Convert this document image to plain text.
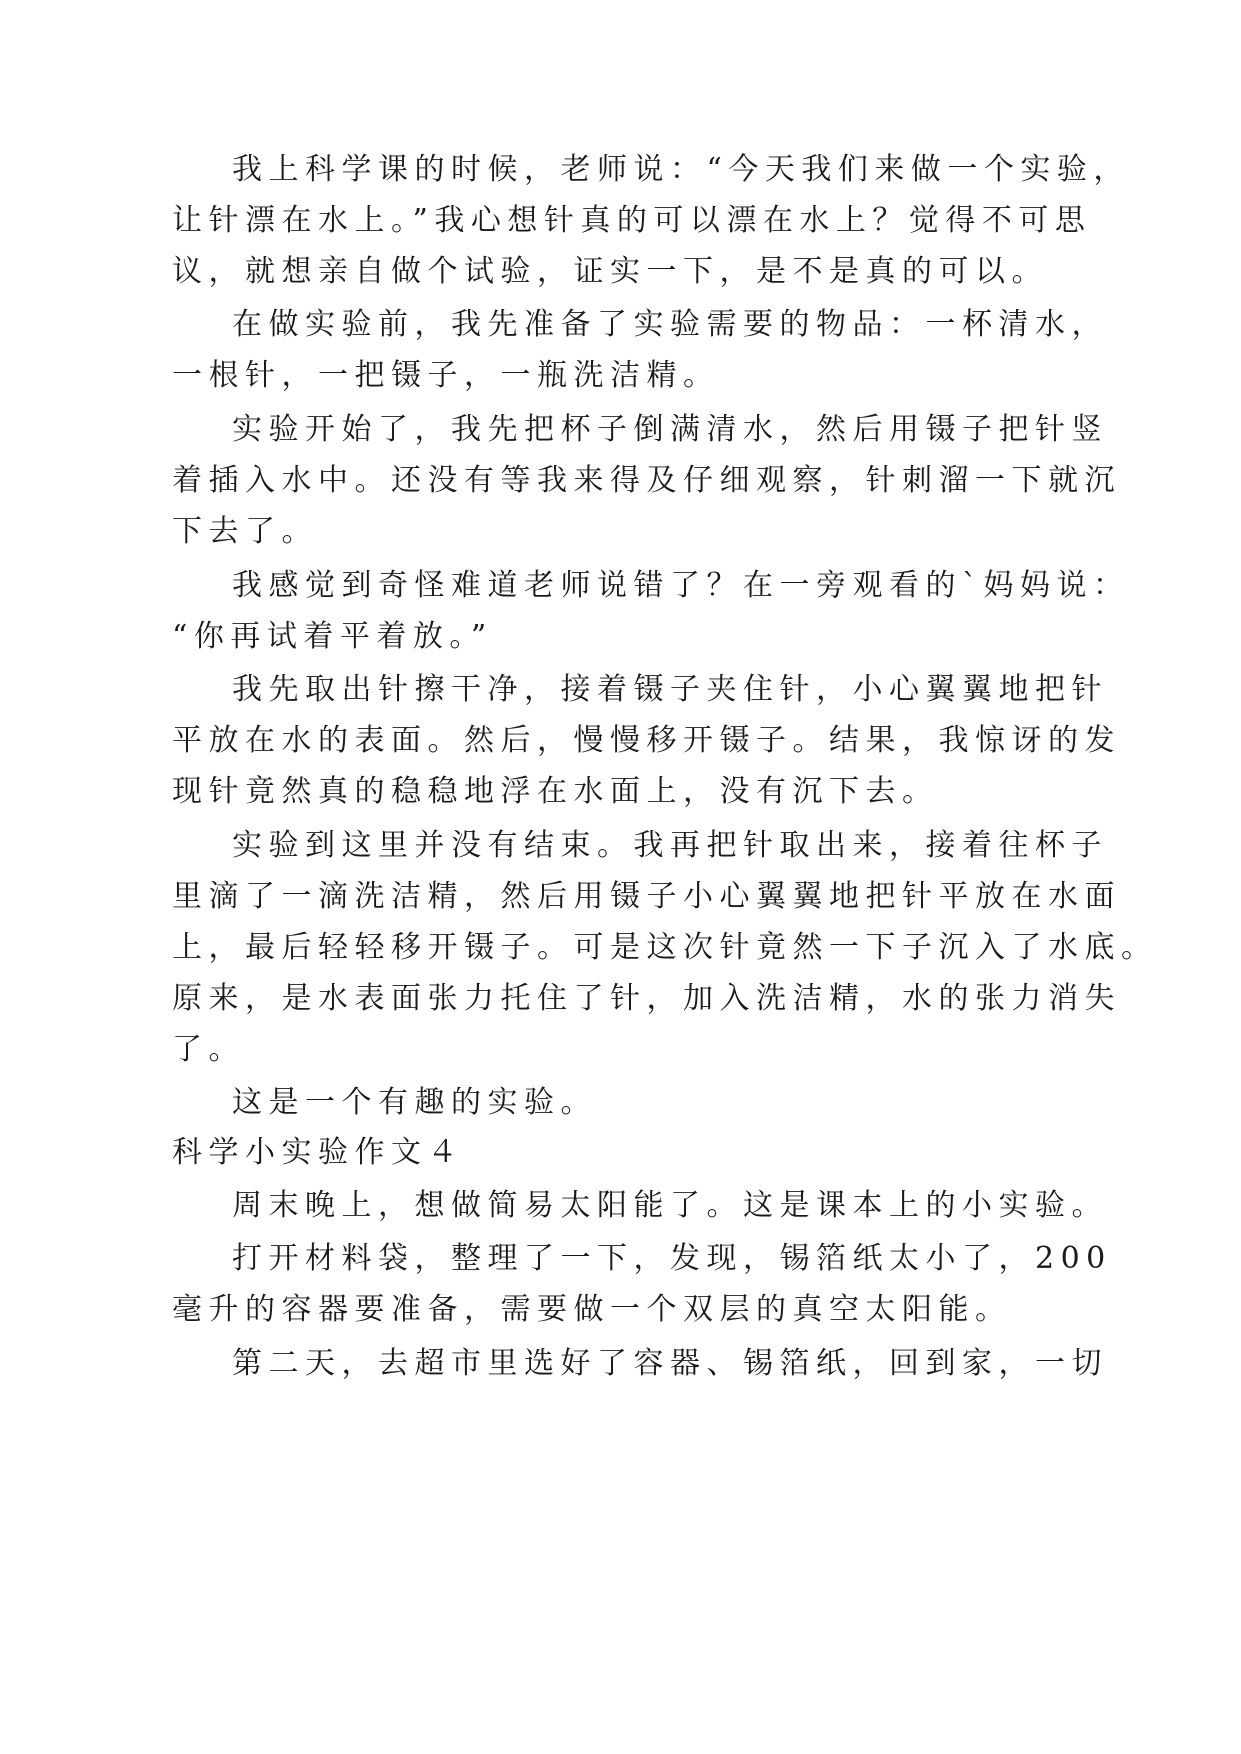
我上科学课的时候，老师说：“今天我们来做一个实验，
让针漂在水上。”我心想针真的可以漂在水上？觉得不可思
议，就想亲自做个试验，证实一下，是不是真的可以。
在做实验前，我先准备了实验需要的物品：一杯清水，
一根针，一把镊子，一瓶洗洁精。
实验开始了，我先把杯子倒满清水，然后用镊子把针竖
着插入水中。还没有等我来得及仔细观察，针刺溜一下就沉
下去了。
我感觉到奇怪难道老师说错了？在一旁观看的`妈妈说：
“你再试着平着放。”
我先取出针擦干净，接着镊子夹住针，小心翼翼地把针
平放在水的表面。然后，慢慢移开镊子。结果，我惊讶的发
现针竟然真的稳稳地浮在水面上，没有沉下去。
实验到这里并没有结束。我再把针取出来，接着往杯子
里滴了一滴洗洁精，然后用镊子小心翼翼地把针平放在水面
上，最后轻轻移开镊子。可是这次针竟然一下子沉入了水底。
原来，是水表面张力托住了针，加入洗洁精，水的张力消失
了。
这是一个有趣的实验。
科学小实验作文４
周末晚上，想做简易太阳能了。这是课本上的小实验。
打开材料袋，整理了一下，发现，锡箔纸太小了，200
毫升的容器要准备，需要做一个双层的真空太阳能。
第二天，去超市里选好了容器、锡箔纸，回到家，一切
